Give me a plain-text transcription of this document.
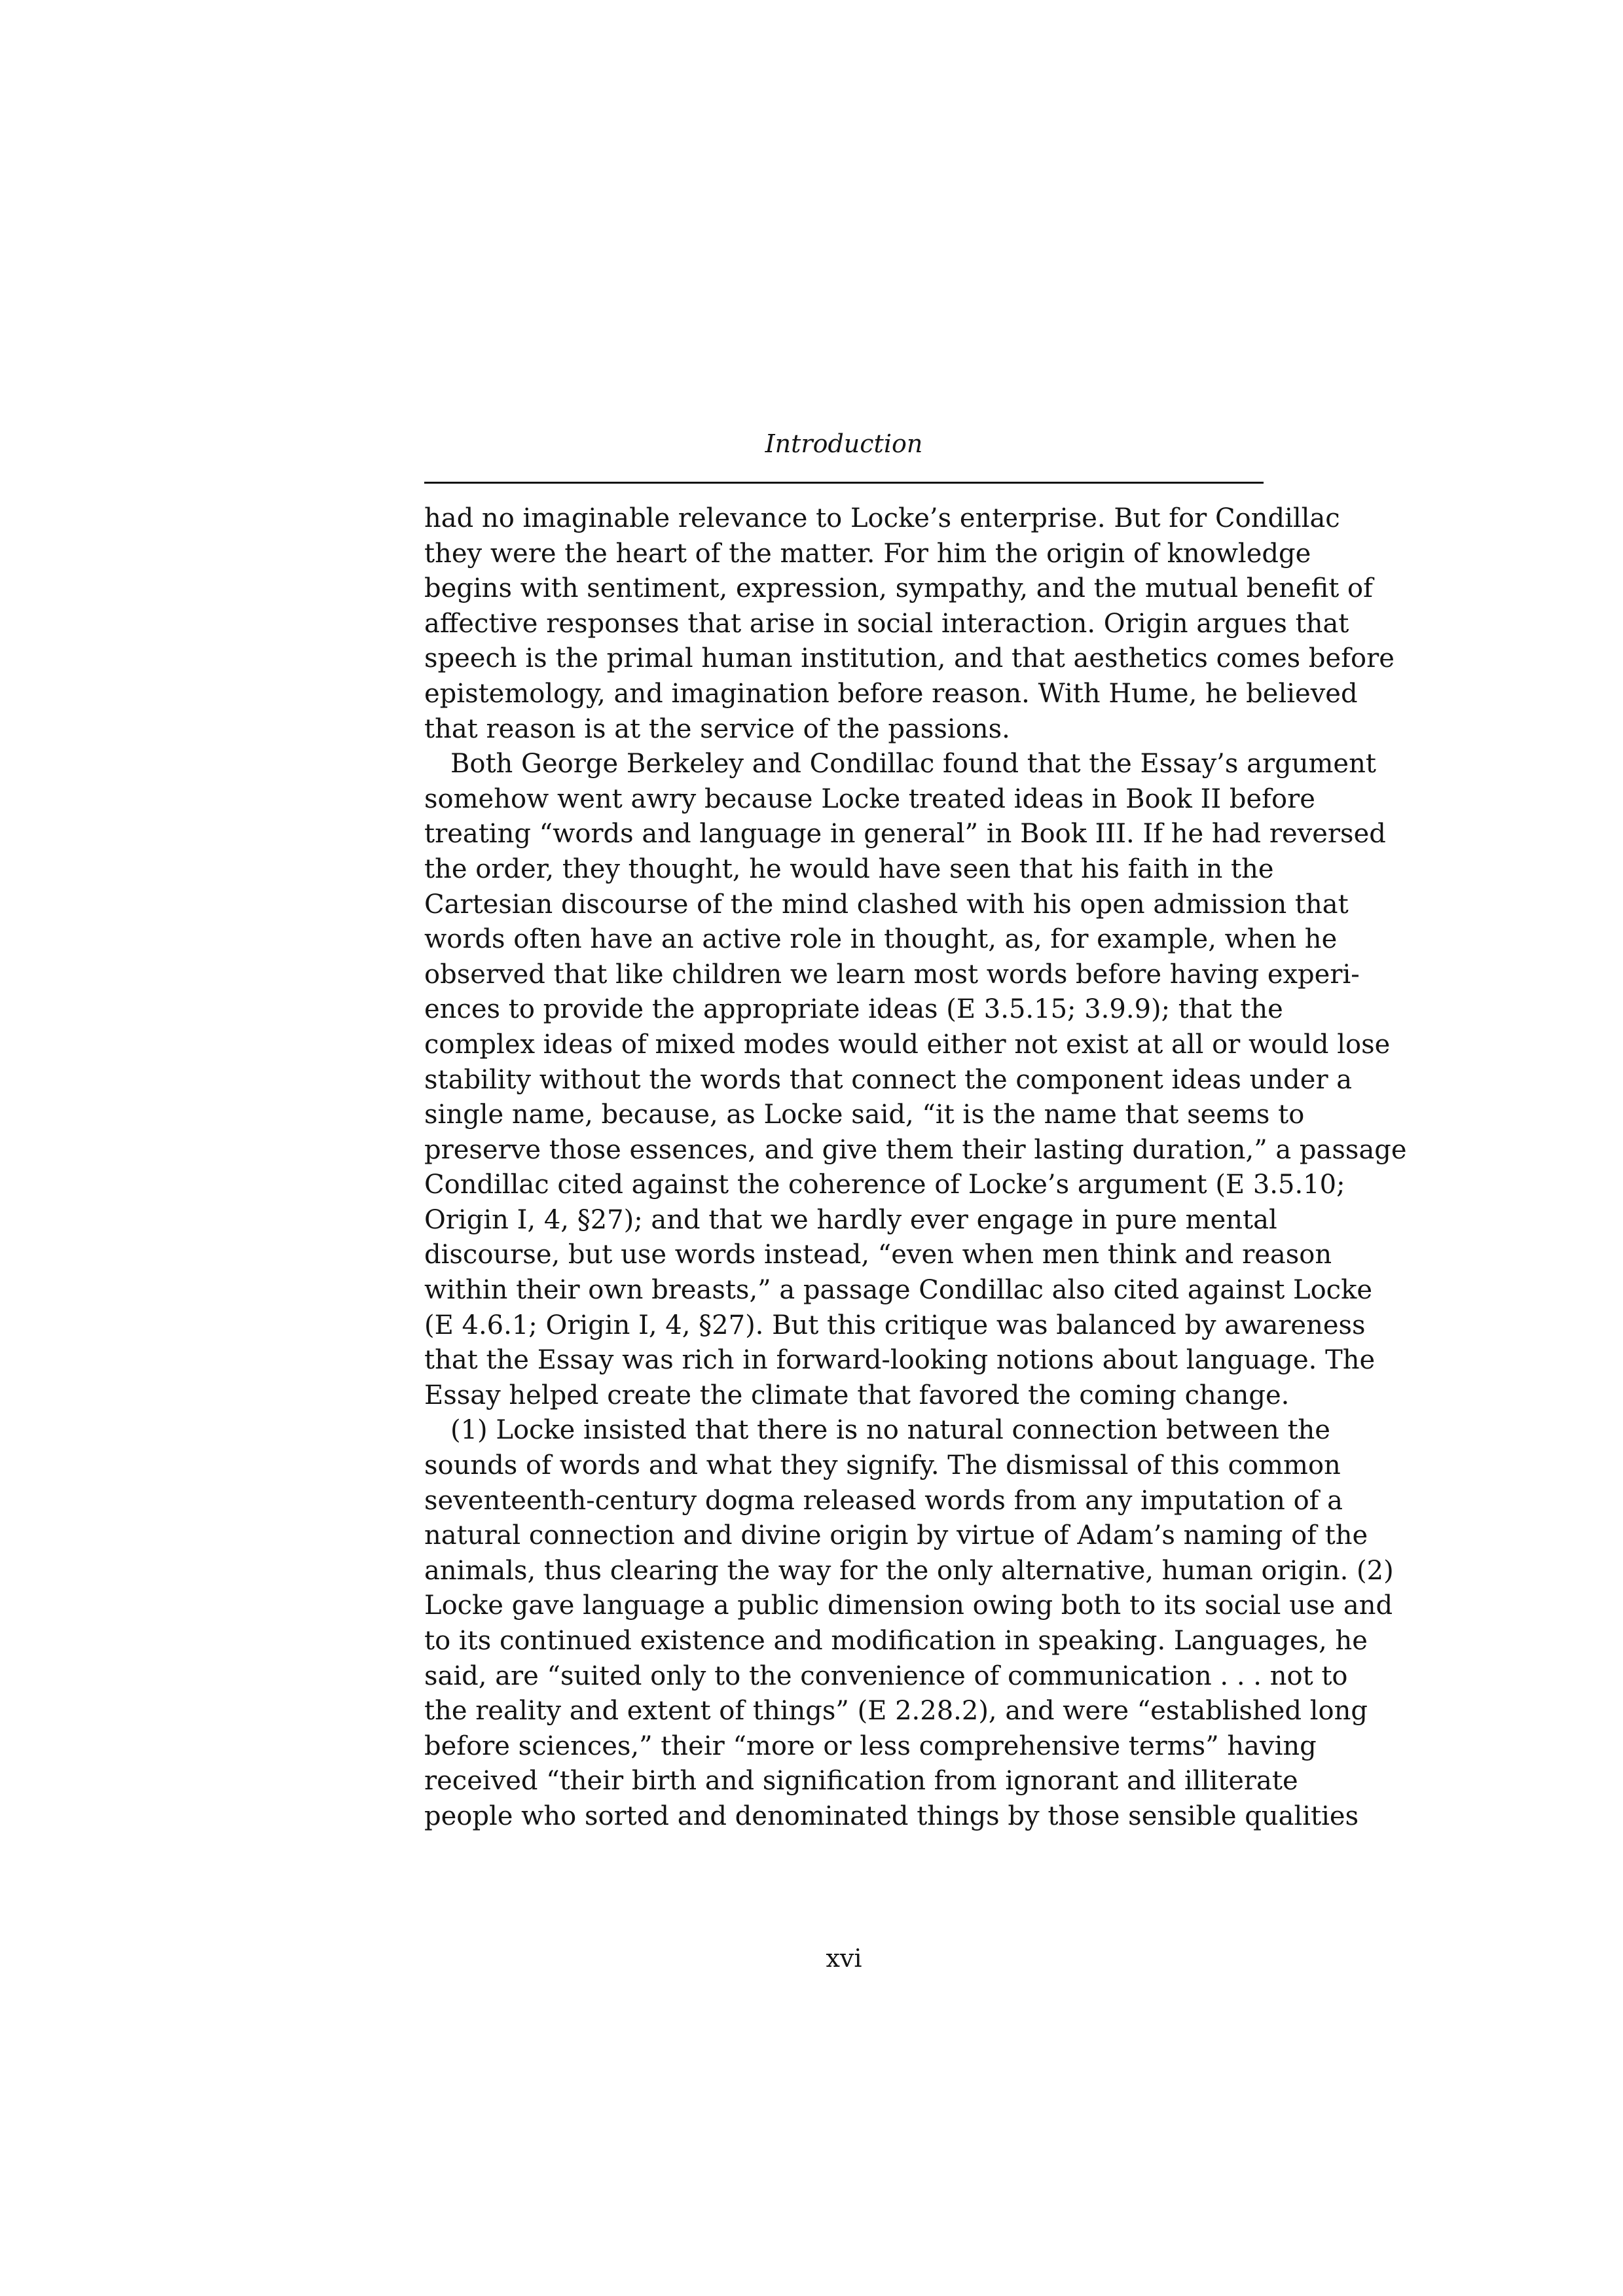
Introduction

had no imaginable relevance to Locke’s enterprise. But for Condillac
they were the heart of the matter. For him the origin of knowledge
begins with sentiment, expression, sympathy, and the mutual benefit of
affective responses that arise in social interaction. Origin argues that
speech is the primal human institution, and that aesthetics comes before
epistemology, and imagination before reason. With Hume, he believed
that reason is at the service of the passions.

Both George Berkeley and Condillac found that the Essay’s argument
somehow went awry because Locke treated ideas in Book II before
treating “words and language in general” in Book III. If he had reversed
the order, they thought, he would have seen that his faith in the
Cartesian discourse of the mind clashed with his open admission that
words often have an active role in thought, as, for example, when he
observed that like children we learn most words before having experi-
ences to provide the appropriate ideas (E 3.5.15; 3.9.9); that the
complex ideas of mixed modes would either not exist at all or would lose
stability without the words that connect the component ideas under a
single name, because, as Locke said, “it is the name that seems to
preserve those essences, and give them their lasting duration,” a passage
Condillac cited against the coherence of Locke’s argument (E 3.5.10;
Origin I, 4, §27); and that we hardly ever engage in pure mental
discourse, but use words instead, “even when men think and reason
within their own breasts,” a passage Condillac also cited against Locke
(E 4.6.1; Origin I, 4, §27). But this critique was balanced by awareness
that the Essay was rich in forward-looking notions about language. The
Essay helped create the climate that favored the coming change.

(1) Locke insisted that there is no natural connection between the
sounds of words and what they signify. The dismissal of this common
seventeenth-century dogma released words from any imputation of a
natural connection and divine origin by virtue of Adam’s naming of the
animals, thus clearing the way for the only alternative, human origin. (2)
Locke gave language a public dimension owing both to its social use and
to its continued existence and modification in speaking. Languages, he
said, are “suited only to the convenience of communication . . . not to
the reality and extent of things” (E 2.28.2), and were “established long
before sciences,” their “more or less comprehensive terms” having
received “their birth and signification from ignorant and illiterate
people who sorted and denominated things by those sensible qualities

xvi
